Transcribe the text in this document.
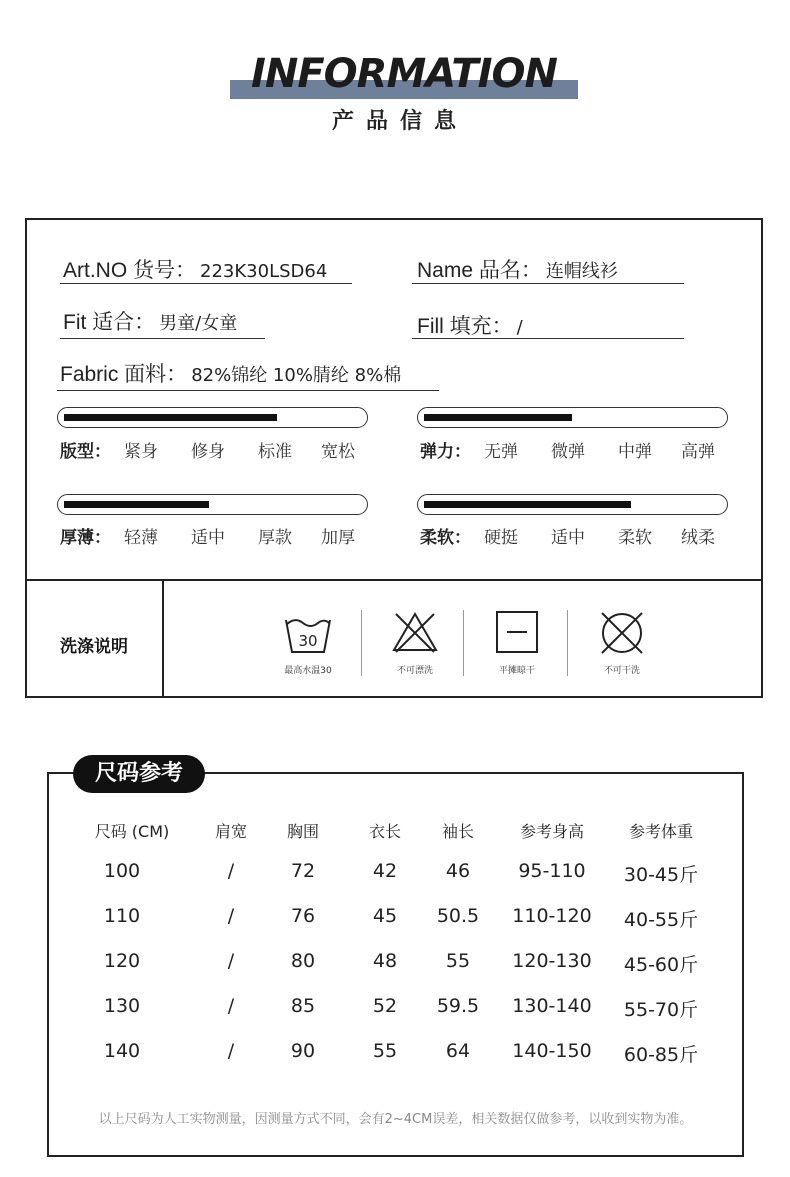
INFORMATION
产品信息
Art.NO 货号： 223K30LSD64	Name 品名： 连帽线衫
Fit 适合： 男童/女童	Fill 填充： /
Fabric 面料： 82%锦纶 10%腈纶 8%棉
版型： 紧身 修身 标准 宽松	弹力： 无弹 微弹 中弹 高弹
厚薄： 轻薄 适中 厚款 加厚	柔软： 硬挺 适中 柔软 绒柔
洗涤说明	30
最高水温30	不可漂洗	平摊晾干	不可干洗
尺码参考
尺码 (CM)	肩宽	胸围	衣长	袖长	参考身高	参考体重
100	/	72	42	46	95-110	30-45斤
110	/	76	45	50.5	110-120	40-55斤
120	/	80	48	55	120-130	45-60斤
130	/	85	52	59.5	130-140	55-70斤
140	/	90	55	64	140-150	60-85斤
以上尺码为人工实物测量，因测量方式不同，会有2~4CM误差，相关数据仅做参考，以收到实物为准。
